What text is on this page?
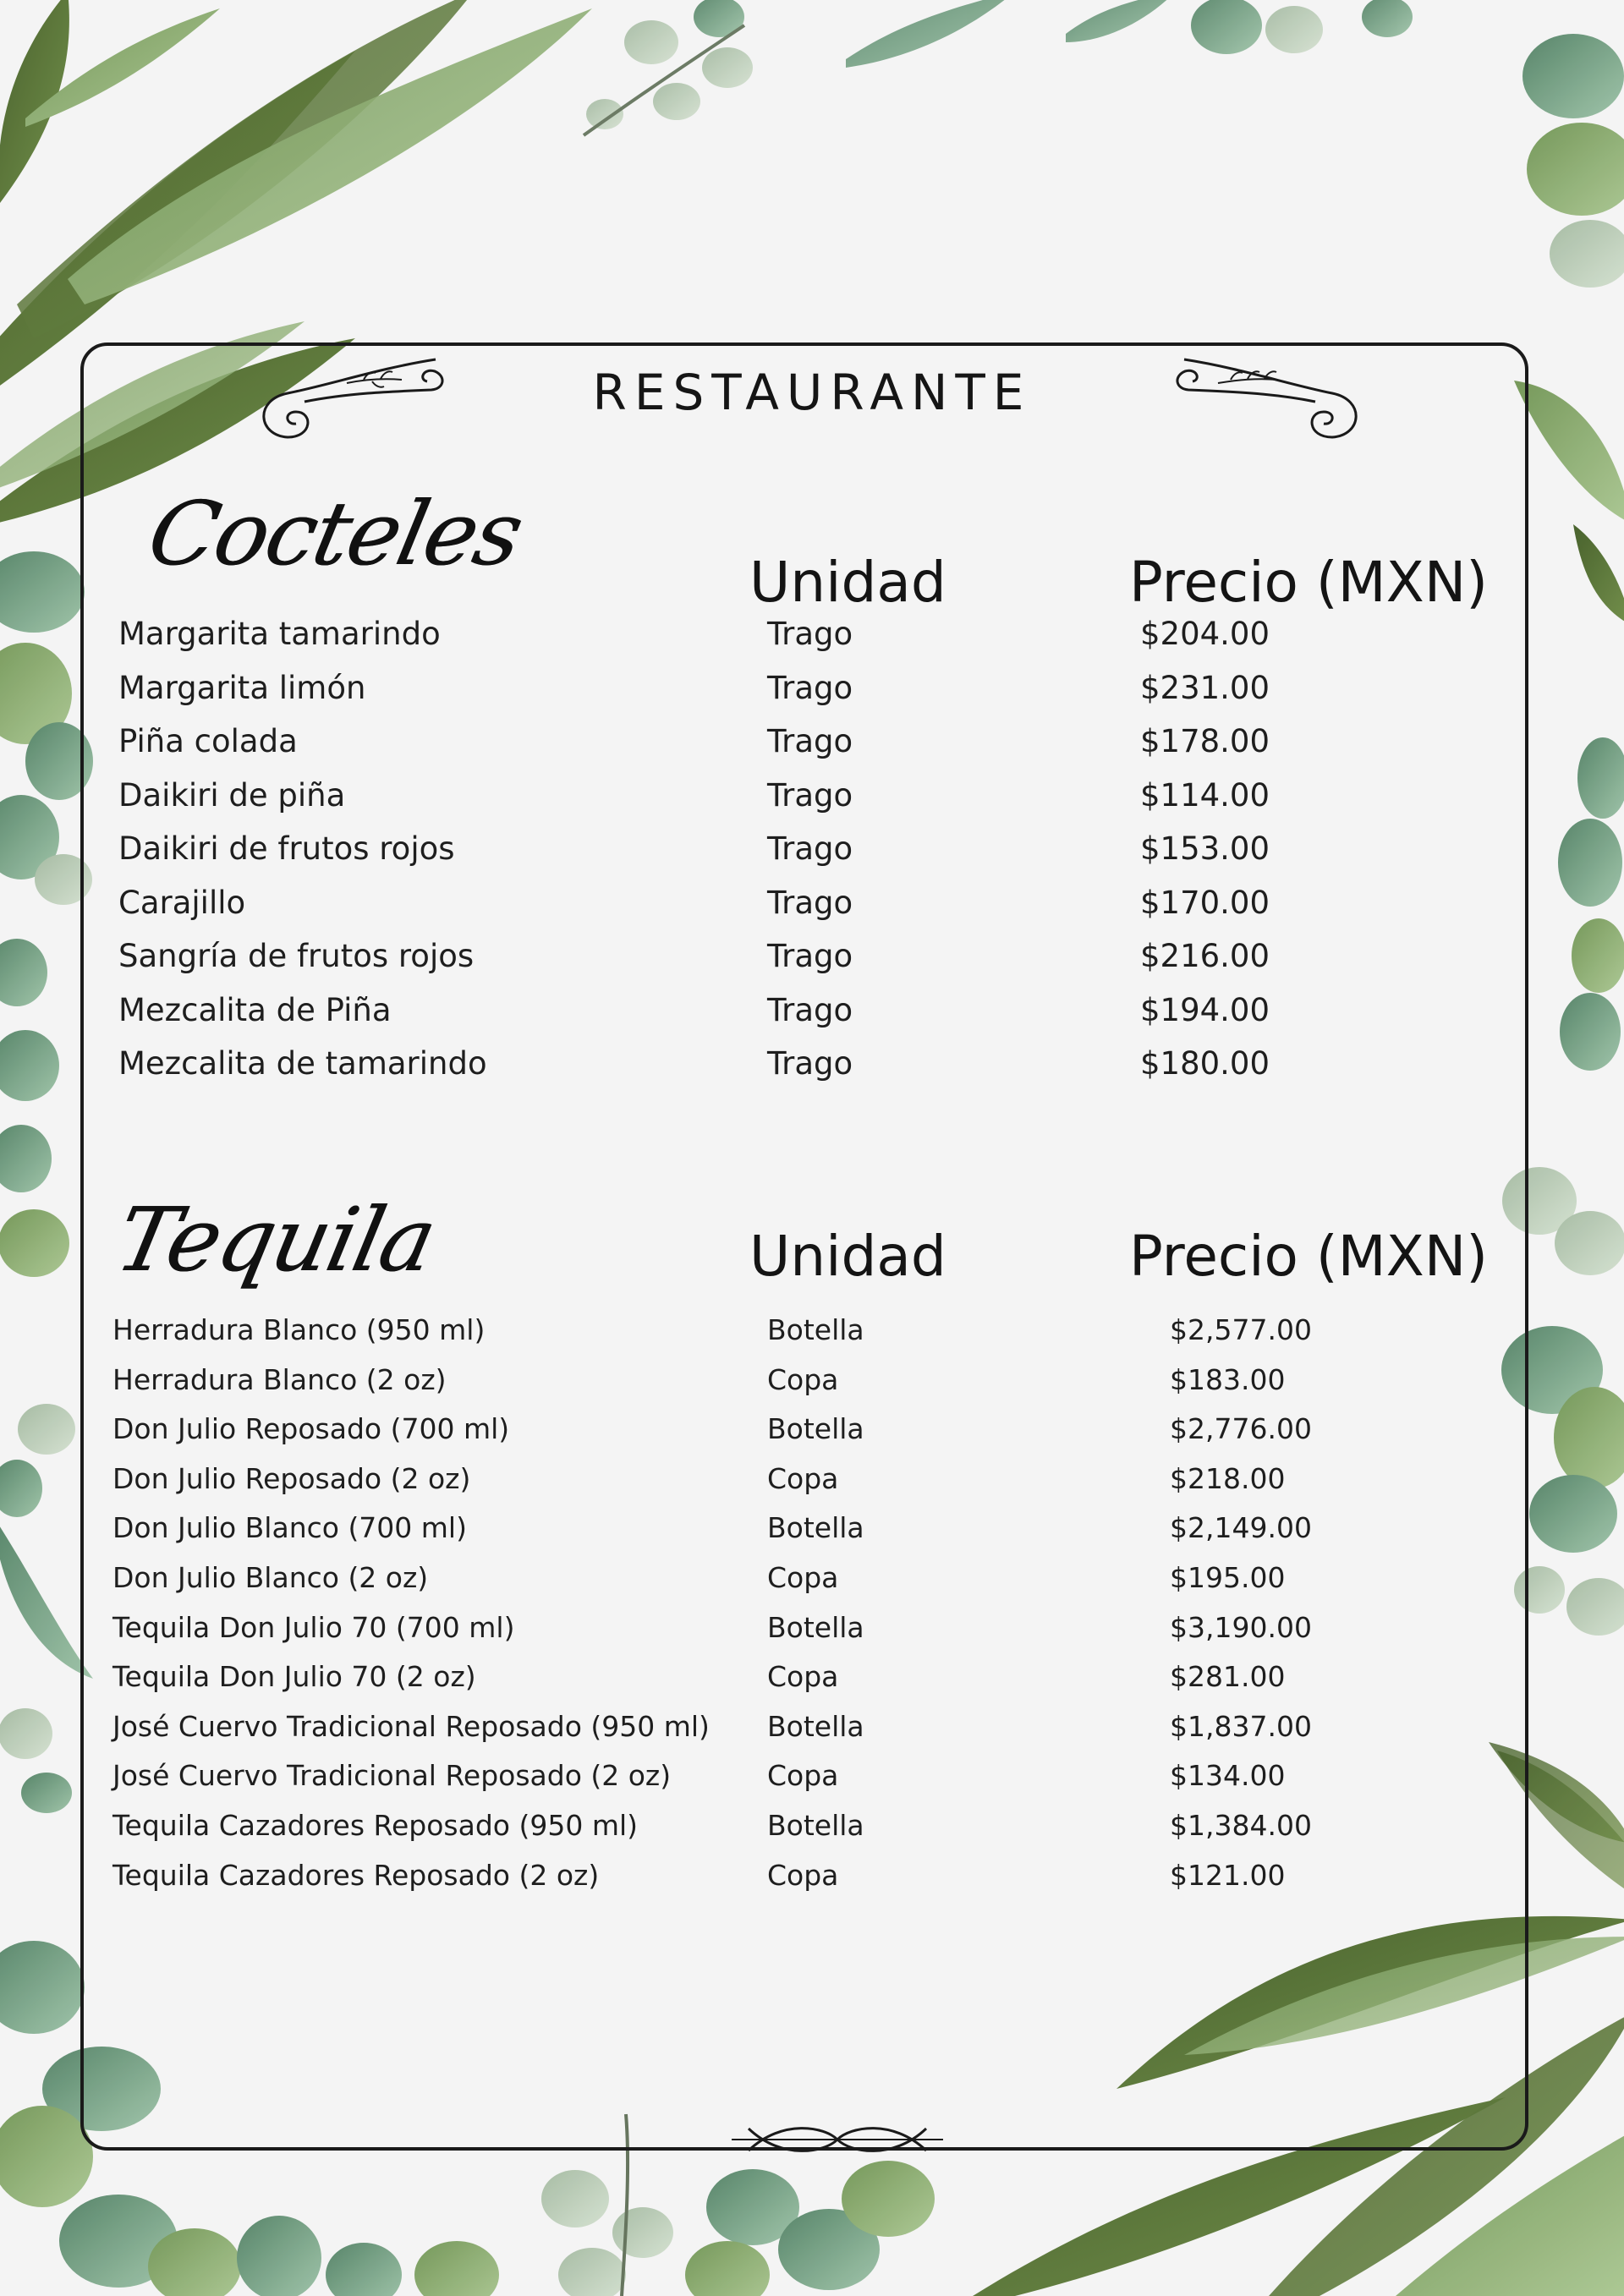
RESTAURANTE
Cocteles	Unidad	Precio (MXN)
Margarita tamarindo	Trago	$204.00
Margarita limón	Trago	$231.00
Piña colada	Trago	$178.00
Daikiri de piña	Trago	$114.00
Daikiri de frutos rojos	Trago	$153.00
Carajillo	Trago	$170.00
Sangría de frutos rojos	Trago	$216.00
Mezcalita de Piña	Trago	$194.00
Mezcalita de tamarindo	Trago	$180.00
Tequila	Unidad	Precio (MXN)
Herradura Blanco (950 ml)	Botella	$2,577.00
Herradura Blanco (2 oz)	Copa	$183.00
Don Julio Reposado (700 ml)	Botella	$2,776.00
Don Julio Reposado (2 oz)	Copa	$218.00
Don Julio Blanco (700 ml)	Botella	$2,149.00
Don Julio Blanco (2 oz)	Copa	$195.00
Tequila Don Julio 70 (700 ml)	Botella	$3,190.00
Tequila Don Julio 70 (2 oz)	Copa	$281.00
José Cuervo Tradicional Reposado (950 ml) Botella	$1,837.00
José Cuervo Tradicional Reposado (2 oz)	Copa	$134.00
Tequila Cazadores Reposado (950 ml)	Botella	$1,384.00
Tequila Cazadores Reposado (2 oz)	Copa	$121.00
